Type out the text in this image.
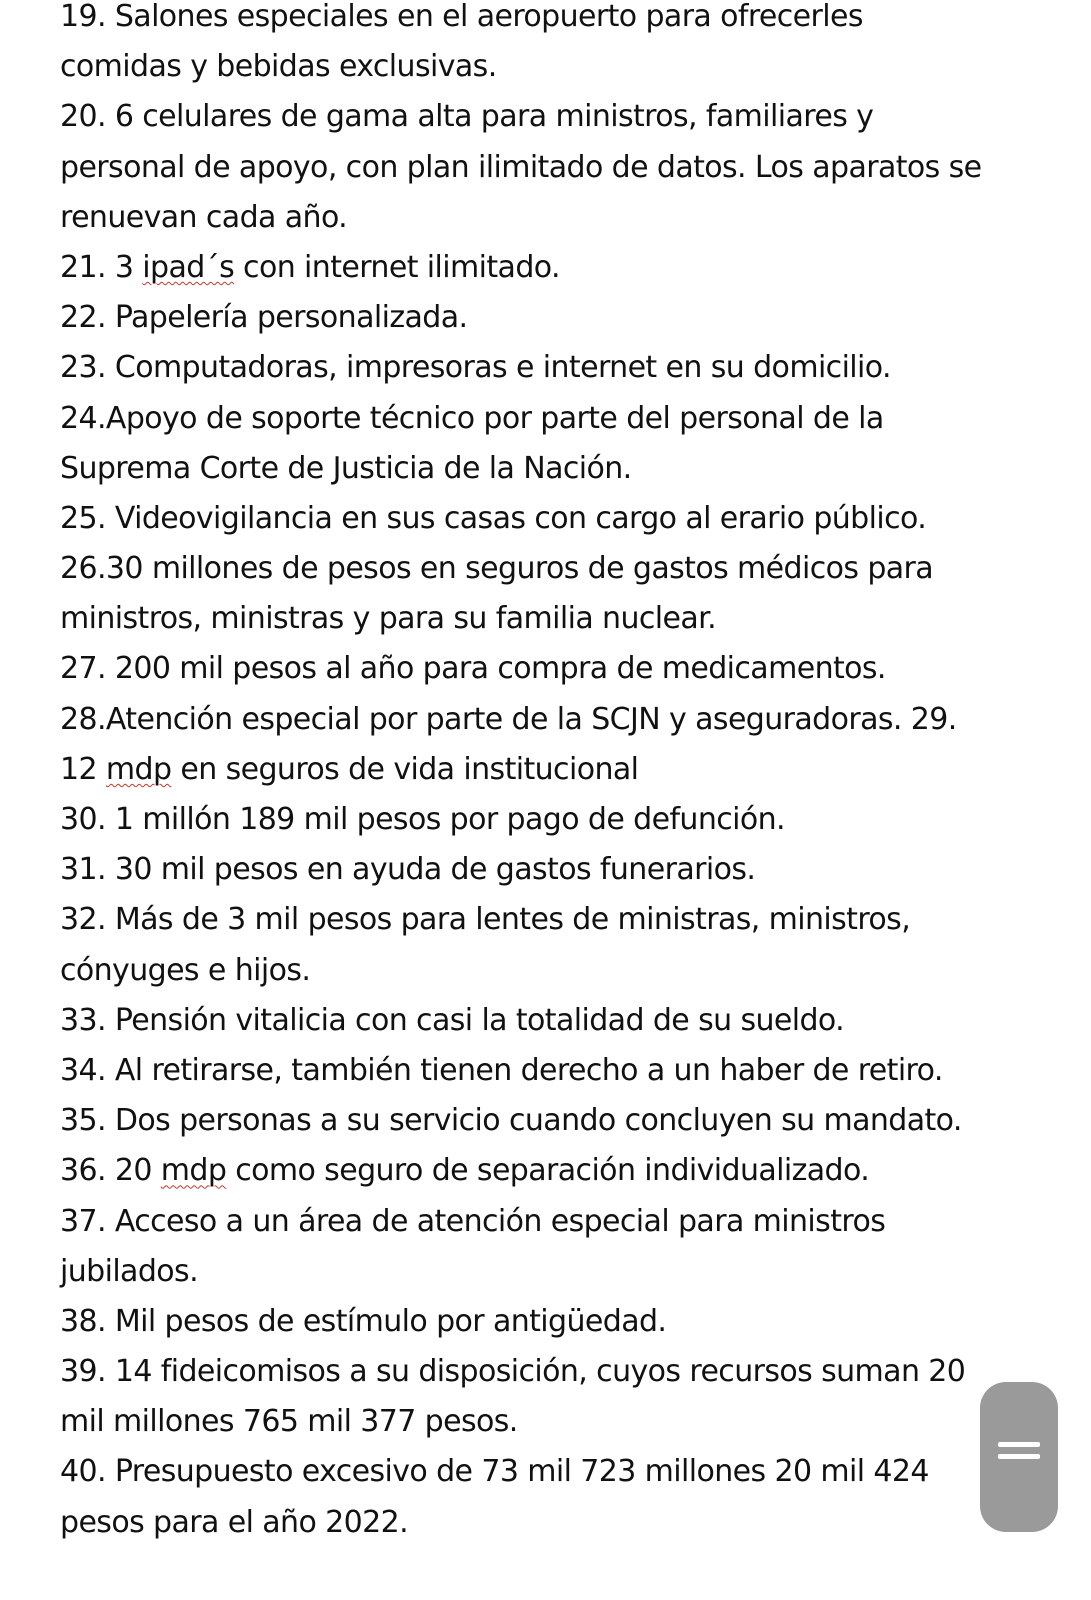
19. Salones especiales en el aeropuerto para ofrecerles
comidas y bebidas exclusivas.
20. 6 celulares de gama alta para ministros, familiares y
personal de apoyo, con plan ilimitado de datos. Los aparatos se
renuevan cada año.
21. 3 ipad´s con internet ilimitado.
22. Papelería personalizada.
23. Computadoras, impresoras e internet en su domicilio.
24.Apoyo de soporte técnico por parte del personal de la
Suprema Corte de Justicia de la Nación.
25. Videovigilancia en sus casas con cargo al erario público.
26.30 millones de pesos en seguros de gastos médicos para
ministros, ministras y para su familia nuclear.
27. 200 mil pesos al año para compra de medicamentos.
28.Atención especial por parte de la SCJN y aseguradoras. 29.
12 mdp en seguros de vida institucional
30. 1 millón 189 mil pesos por pago de defunción.
31. 30 mil pesos en ayuda de gastos funerarios.
32. Más de 3 mil pesos para lentes de ministras, ministros,
cónyuges e hijos.
33. Pensión vitalicia con casi la totalidad de su sueldo.
34. Al retirarse, también tienen derecho a un haber de retiro.
35. Dos personas a su servicio cuando concluyen su mandato.
36. 20 mdp como seguro de separación individualizado.
37. Acceso a un área de atención especial para ministros
jubilados.
38. Mil pesos de estímulo por antigüedad.
39. 14 fideicomisos a su disposición, cuyos recursos suman 20
mil millones 765 mil 377 pesos.
40. Presupuesto excesivo de 73 mil 723 millones 20 mil 424
pesos para el año 2022.
